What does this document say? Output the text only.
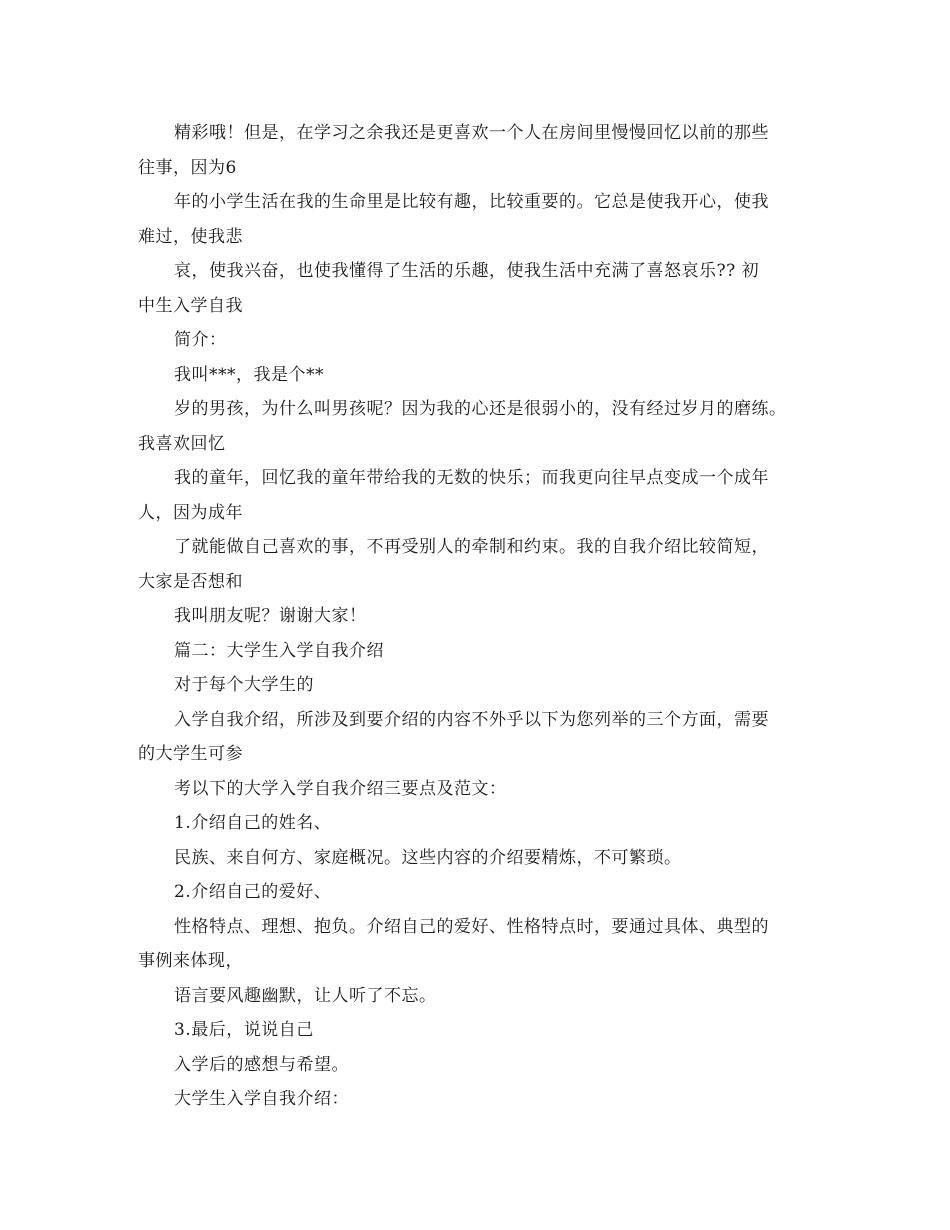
精彩哦！但是，在学习之余我还是更喜欢一个人在房间里慢慢回忆以前的那些
往事，因为6
年的小学生活在我的生命里是比较有趣，比较重要的。它总是使我开心，使我
难过，使我悲
哀，使我兴奋，也使我懂得了生活的乐趣，使我生活中充满了喜怒哀乐?? 初
中生入学自我
简介：
我叫***，我是个**
岁的男孩，为什么叫男孩呢？因为我的心还是很弱小的，没有经过岁月的磨练。
我喜欢回忆
我的童年，回忆我的童年带给我的无数的快乐；而我更向往早点变成一个成年
人，因为成年
了就能做自己喜欢的事，不再受别人的牵制和约束。我的自我介绍比较简短，
大家是否想和
我叫朋友呢？谢谢大家！
篇二：大学生入学自我介绍
对于每个大学生的
入学自我介绍，所涉及到要介绍的内容不外乎以下为您列举的三个方面，需要
的大学生可参
考以下的大学入学自我介绍三要点及范文：
1.介绍自己的姓名、
民族、来自何方、家庭概况。这些内容的介绍要精炼，不可繁琐。
2.介绍自己的爱好、
性格特点、理想、抱负。介绍自己的爱好、性格特点时，要通过具体、典型的
事例来体现，
语言要风趣幽默，让人听了不忘。
3.最后，说说自己
入学后的感想与希望。
大学生入学自我介绍：
